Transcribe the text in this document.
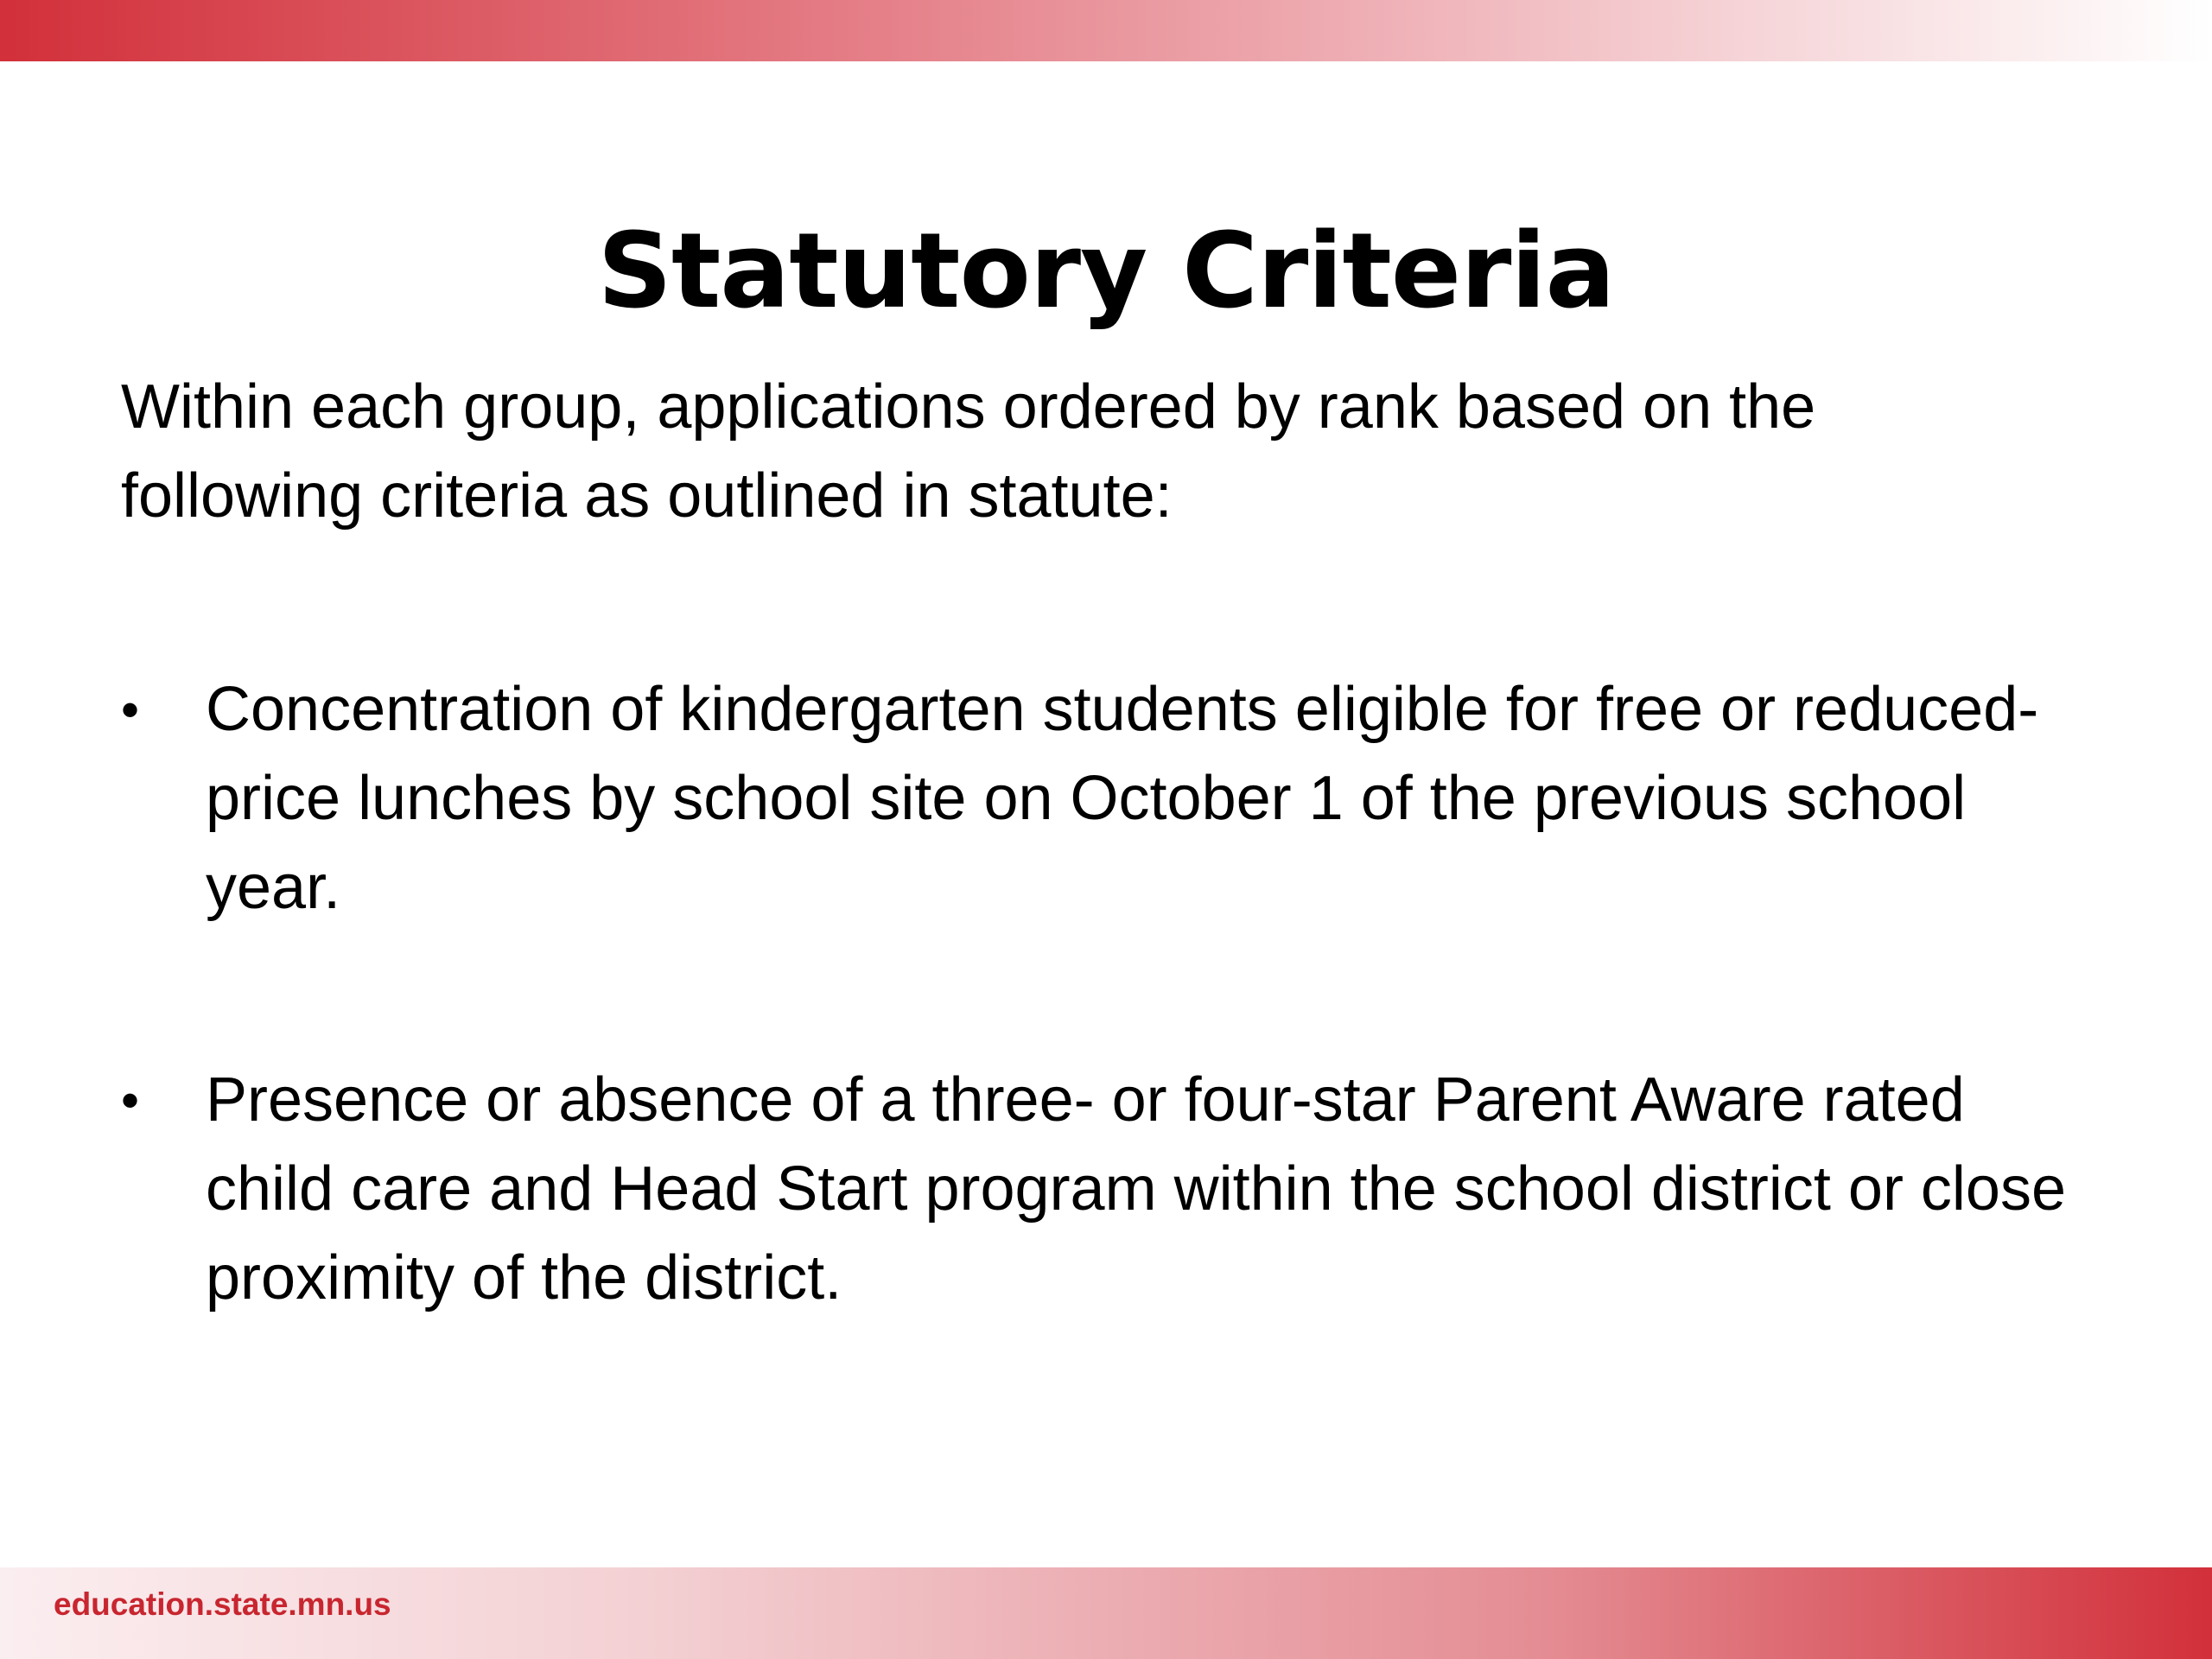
Statutory Criteria
Within each group, applications ordered by rank based on the following criteria as outlined in statute:
• Concentration of kindergarten students eligible for free or reduced-price lunches by school site on October 1 of the previous school year.
• Presence or absence of a three- or four-star Parent Aware rated child care and Head Start program within the school district or close proximity of the district.
education.state.mn.us
